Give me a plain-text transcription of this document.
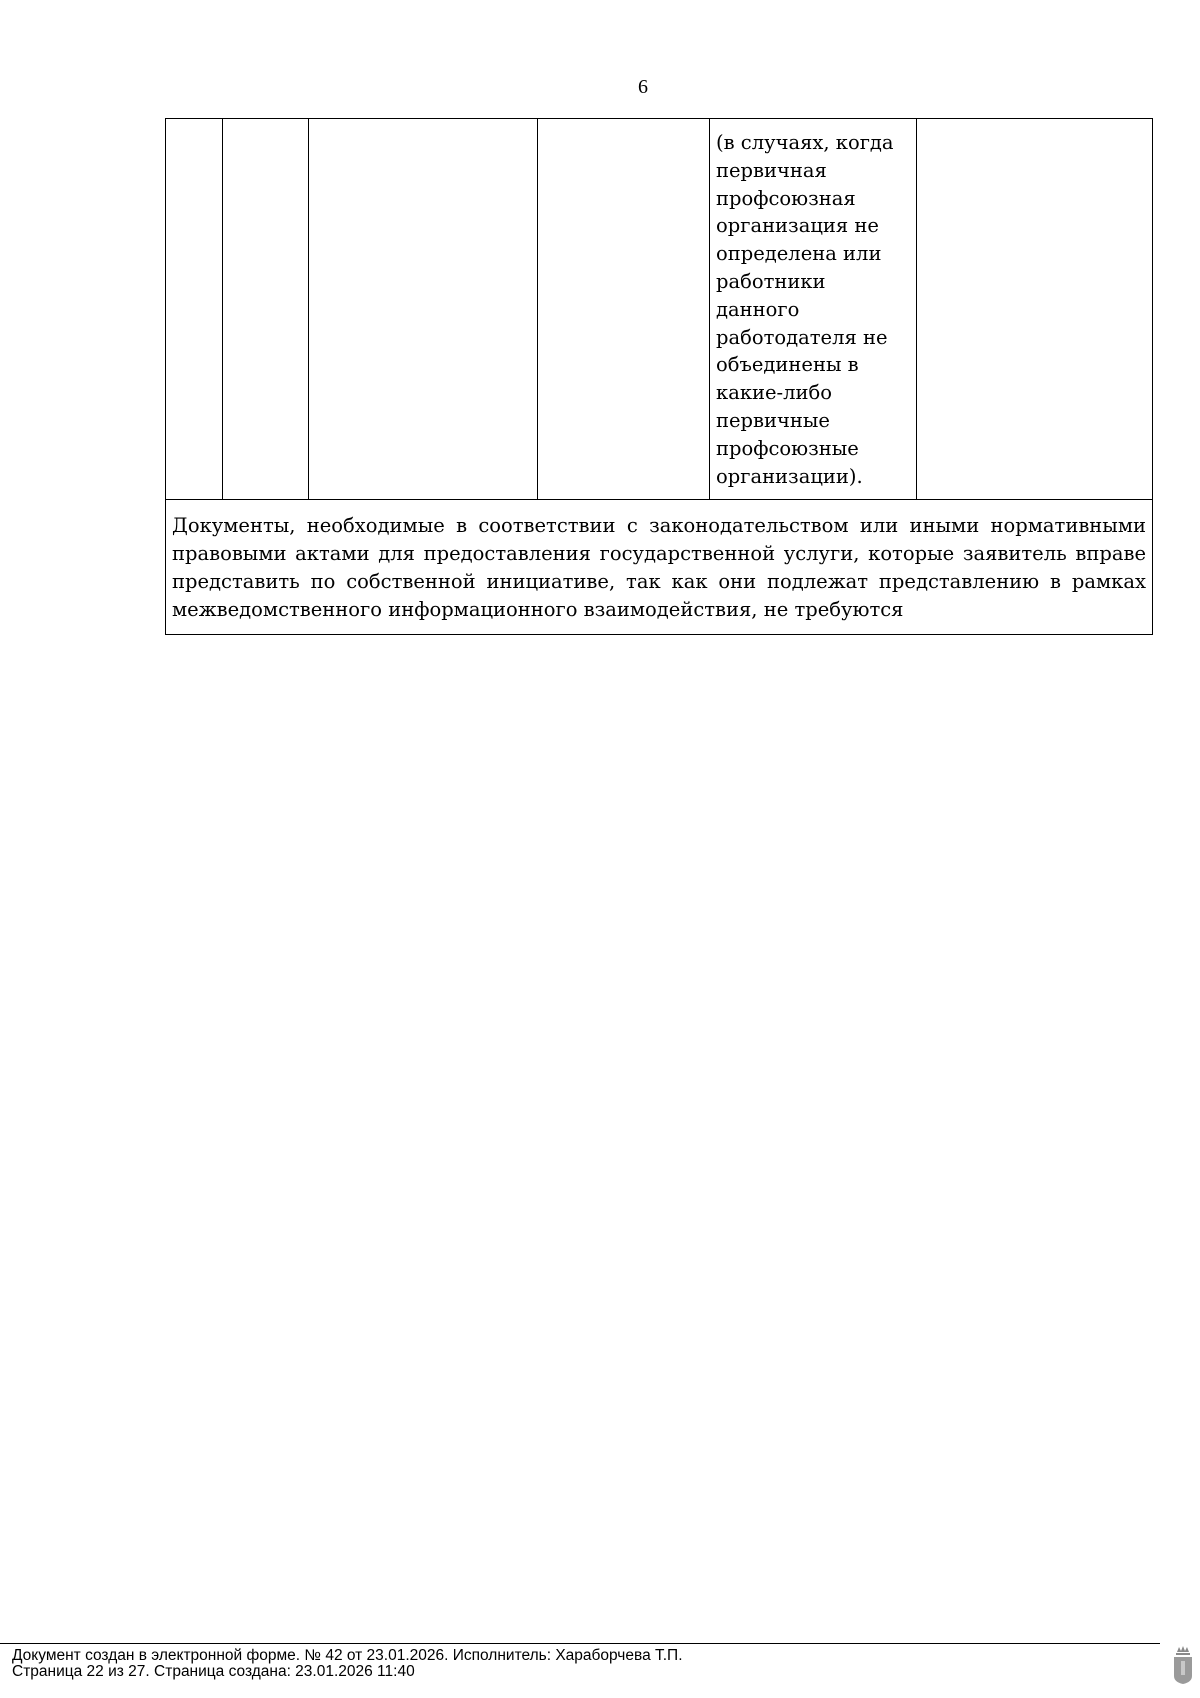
6

(в случаях, когда
первичная
профсоюзная
организация не
определена или
работники
данного
работодателя не
объединены в
какие-либо
первичные
профсоюзные
организации).

Документы, необходимые в соответствии с законодательством или иными нормативными правовыми актами для предоставления государственной услуги, которые заявитель вправе представить по собственной инициативе, так как они подлежат представлению в рамках межведомственного информационного взаимодействия, не требуются
Документ создан в электронной форме. № 42 от 23.01.2026. Исполнитель: Хараборчева Т.П.
Страница 22 из 27. Страница создана: 23.01.2026 11:40
